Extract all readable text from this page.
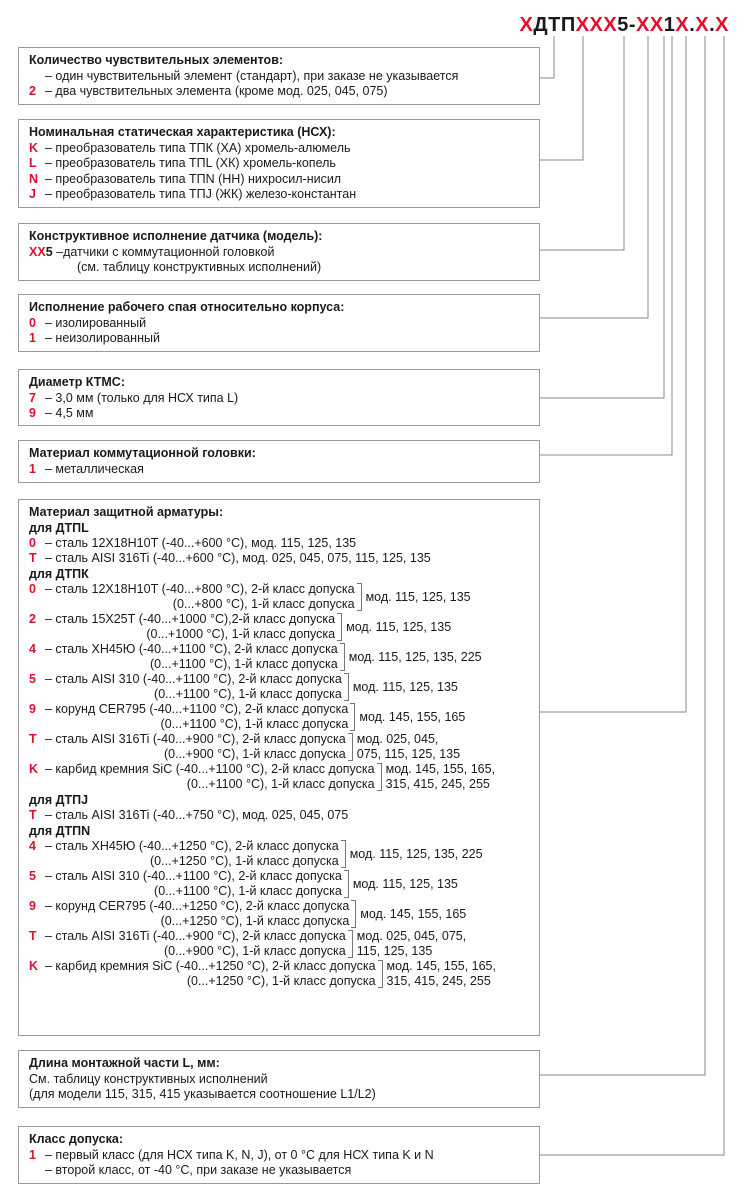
ХДТПХХХ5-ХХ1Х.Х.Х
Количество чувствительных элементов:
– один чувствительный элемент (стандарт), при заказе не указывается
2 – два чувствительных элемента (кроме мод. 025, 045, 075)
Номинальная статическая характеристика (НСХ):
K – преобразователь типа ТПК (ХА) хромель-алюмель
L – преобразователь типа ТПL (ХК) хромель-копель
N – преобразователь типа ТПN (НН) нихросил-нисил
J – преобразователь типа ТПJ (ЖК) железо-константан
Конструктивное исполнение датчика (модель):
ХХ5 –датчики с коммутационной головкой
(см. таблицу конструктивных исполнений)
Исполнение рабочего спая относительно корпуса:
0 – изолированный
1 – неизолированный
Диаметр КТМС:
7 – 3,0 мм (только для НСХ типа L)
9 – 4,5 мм
Материал коммутационной головки:
1 – металлическая
Материал защитной арматуры:
для ДТПL
0 – сталь 12Х18Н10Т (-40...+600 °С), мод. 115, 125, 135
T – сталь AISI 316Ti (-40...+600 °С), мод. 025, 045, 075, 115, 125, 135
для ДТПК
0 – сталь 12Х18Н10Т (-40...+800 °С), 2-й класс допуска
(0...+800 °С), 1-й класс допуска
мод. 115, 125, 135
2 – сталь 15Х25Т (-40...+1000 °С),2-й класс допуска
(0...+1000 °С), 1-й класс допуска
мод. 115, 125, 135
4 – сталь ХН45Ю (-40...+1100 °С), 2-й класс допуска
(0...+1100 °С), 1-й класс допуска
мод. 115, 125, 135, 225
5 – сталь AISI 310 (-40...+1100 °С), 2-й класс допуска
(0...+1100 °С), 1-й класс допуска
мод. 115, 125, 135
9 – корунд CER795 (-40...+1100 °С), 2-й класс допуска
(0...+1100 °С), 1-й класс допуска
мод. 145, 155, 165
T – сталь AISI 316Ti (-40...+900 °С), 2-й класс допуска
(0...+900 °С), 1-й класс допуска
мод. 025, 045,
075, 115, 125, 135
K – карбид кремния SiC (-40...+1100 °С), 2-й класс допуска
(0...+1100 °С), 1-й класс допуска
мод. 145, 155, 165,
315, 415, 245, 255
для ДТПJ
T – сталь AISI 316Ti (-40...+750 °С), мод. 025, 045, 075
для ДТПN
4 – сталь ХН45Ю (-40...+1250 °С), 2-й класс допуска
(0...+1250 °С), 1-й класс допуска
мод. 115, 125, 135, 225
5 – сталь AISI 310 (-40...+1100 °С), 2-й класс допуска
(0...+1100 °С), 1-й класс допуска
мод. 115, 125, 135
9 – корунд CER795 (-40...+1250 °С), 2-й класс допуска
(0...+1250 °С), 1-й класс допуска
мод. 145, 155, 165
T – сталь AISI 316Ti (-40...+900 °С), 2-й класс допуска
(0...+900 °С), 1-й класс допуска
мод. 025, 045, 075,
115, 125, 135
K – карбид кремния SiC (-40...+1250 °С), 2-й класс допуска
(0...+1250 °С), 1-й класс допуска
мод. 145, 155, 165,
315, 415, 245, 255
Длина монтажной части L, мм:
См. таблицу конструктивных исполнений
(для модели 115, 315, 415 указывается соотношение L1/L2)
Класс допуска:
1 – первый класс (для НСХ типа K, N, J), от 0 °С для НСХ типа K и N
– второй класс, от -40 °С, при заказе не указывается
